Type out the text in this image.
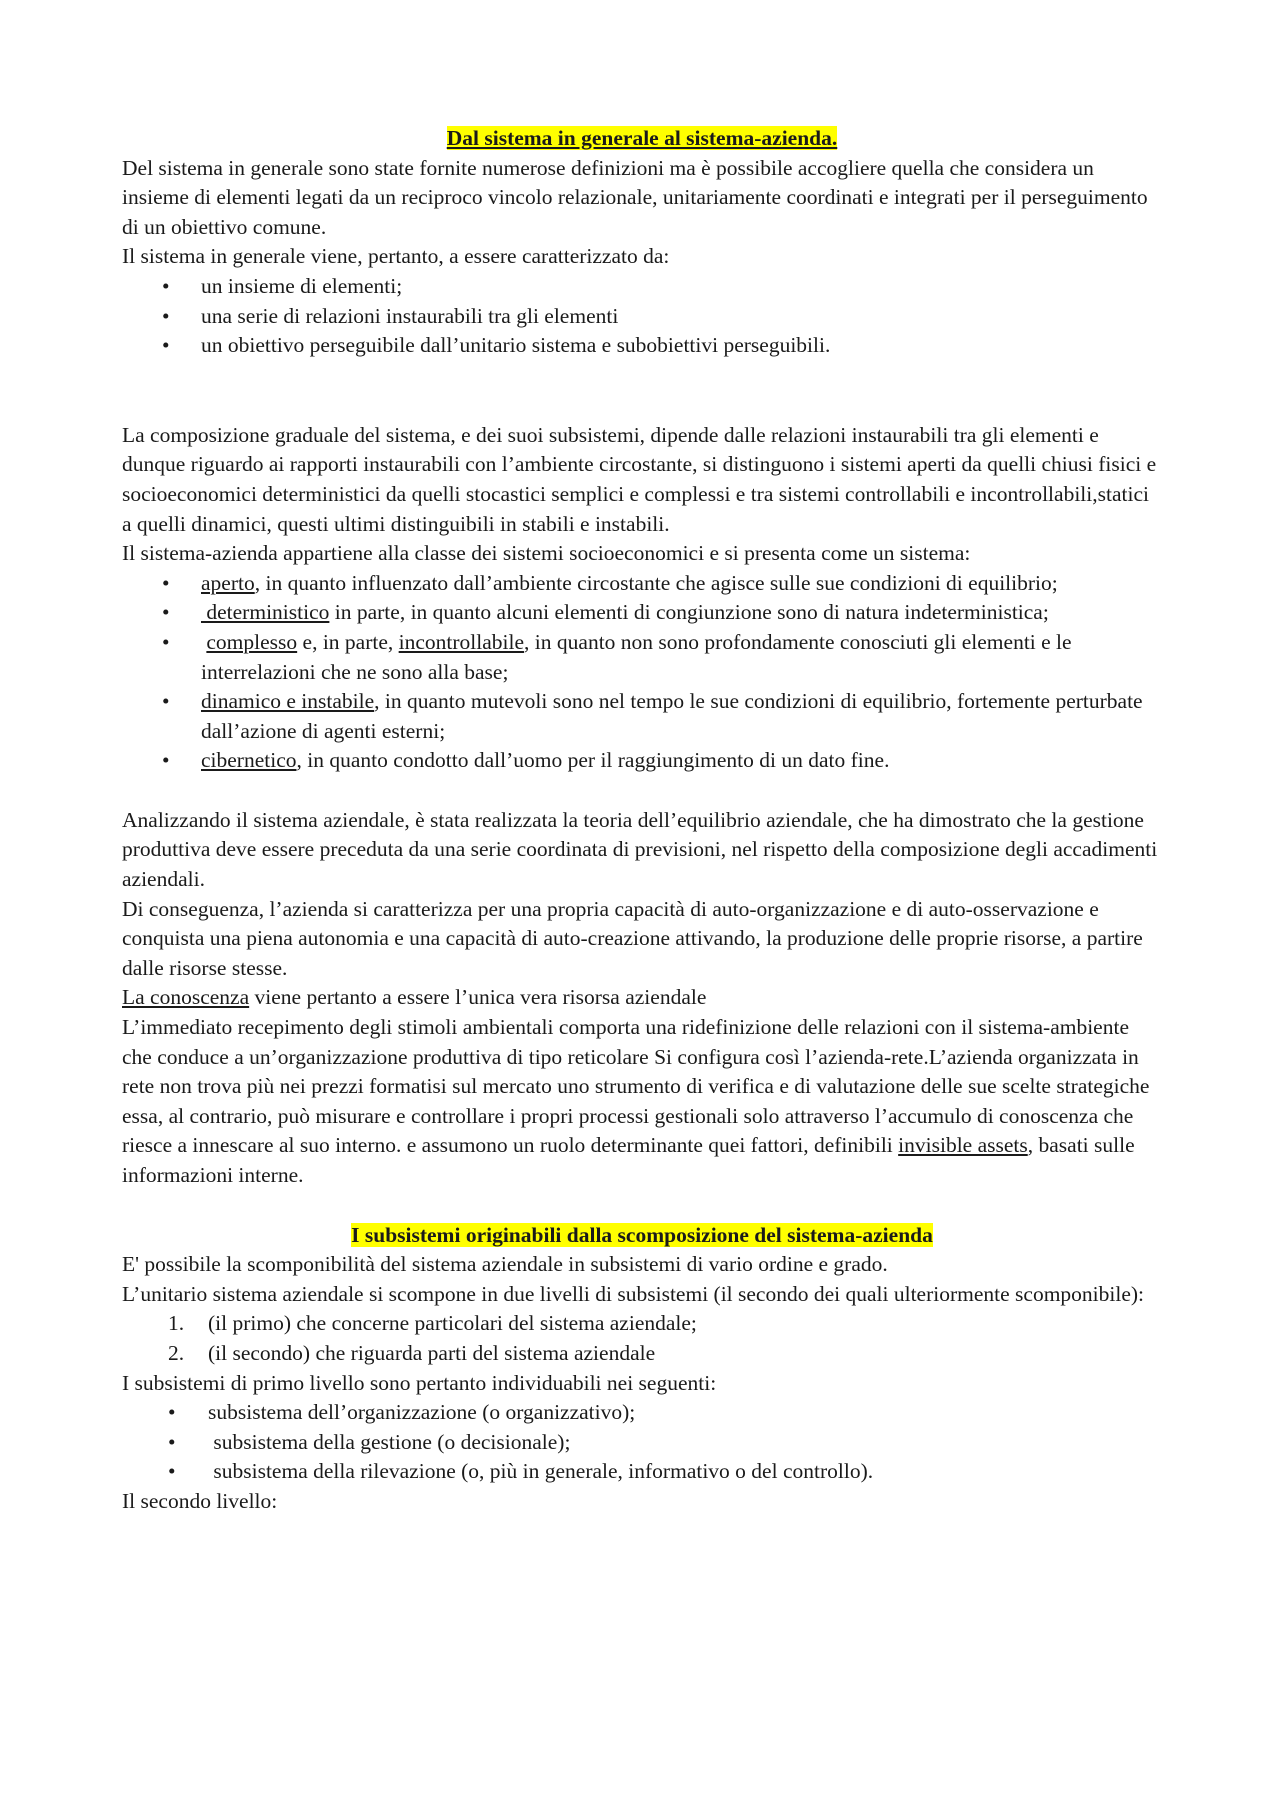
Dal sistema in generale al sistema-azienda.

Del sistema in generale sono state fornite numerose definizioni ma è possibile accogliere quella che considera un insieme di elementi legati da un reciproco vincolo relazionale, unitariamente coordinati e integrati per il perseguimento di un obiettivo comune.

Il sistema in generale viene, pertanto, a essere caratterizzato da:

• un insieme di elementi;
• una serie di relazioni instaurabili tra gli elementi
• un obiettivo perseguibile dall’unitario sistema e subobiettivi perseguibili.

La composizione graduale del sistema, e dei suoi subsistemi, dipende dalle relazioni instaurabili tra gli elementi e dunque riguardo ai rapporti instaurabili con l’ambiente circostante, si distinguono i sistemi aperti da quelli chiusi fisici e socioeconomici deterministici da quelli stocastici semplici e complessi e tra sistemi controllabili e incontrollabili,statici a quelli dinamici, questi ultimi distinguibili in stabili e instabili.

Il sistema-azienda appartiene alla classe dei sistemi socioeconomici e si presenta come un sistema:

• aperto, in quanto influenzato dall’ambiente circostante che agisce sulle sue condizioni di equilibrio;
• deterministico in parte, in quanto alcuni elementi di congiunzione sono di natura indeterministica;
• complesso e, in parte, incontrollabile, in quanto non sono profondamente conosciuti gli elementi e le interrelazioni che ne sono alla base;
• dinamico e instabile, in quanto mutevoli sono nel tempo le sue condizioni di equilibrio, fortemente perturbate dall’azione di agenti esterni;
• cibernetico, in quanto condotto dall’uomo per il raggiungimento di un dato fine.

Analizzando il sistema aziendale, è stata realizzata la teoria dell’equilibrio aziendale, che ha dimostrato che la gestione produttiva deve essere preceduta da una serie coordinata di previsioni, nel rispetto della composizione degli accadimenti aziendali.

Di conseguenza, l’azienda si caratterizza per una propria capacità di auto-organizzazione e di auto-osservazione e conquista una piena autonomia e una capacità di auto-creazione attivando, la produzione delle proprie risorse, a partire dalle risorse stesse.

La conoscenza viene pertanto a essere l’unica vera risorsa aziendale

L’immediato recepimento degli stimoli ambientali comporta una ridefinizione delle relazioni con il sistema-ambiente che conduce a un’organizzazione produttiva di tipo reticolare Si configura così l’azienda-rete.L’azienda organizzata in rete non trova più nei prezzi formatisi sul mercato uno strumento di verifica e di valutazione delle sue scelte strategiche essa, al contrario, può misurare e controllare i propri processi gestionali solo attraverso l’accumulo di conoscenza che riesce a innescare al suo interno. e assumono un ruolo determinante quei fattori, definibili invisible assets, basati sulle informazioni interne.

I subsistemi originabili dalla scomposizione del sistema-azienda

E' possibile la scomponibilità del sistema aziendale in subsistemi di vario ordine e grado.

L’unitario sistema aziendale si scompone in due livelli di subsistemi (il secondo dei quali ulteriormente scomponibile):

1. (il primo) che concerne particolari del sistema aziendale;
2. (il secondo) che riguarda parti del sistema aziendale

I subsistemi di primo livello sono pertanto individuabili nei seguenti:

• subsistema dell’organizzazione (o organizzativo);
• subsistema della gestione (o decisionale);
• subsistema della rilevazione (o, più in generale, informativo o del controllo).

Il secondo livello:
